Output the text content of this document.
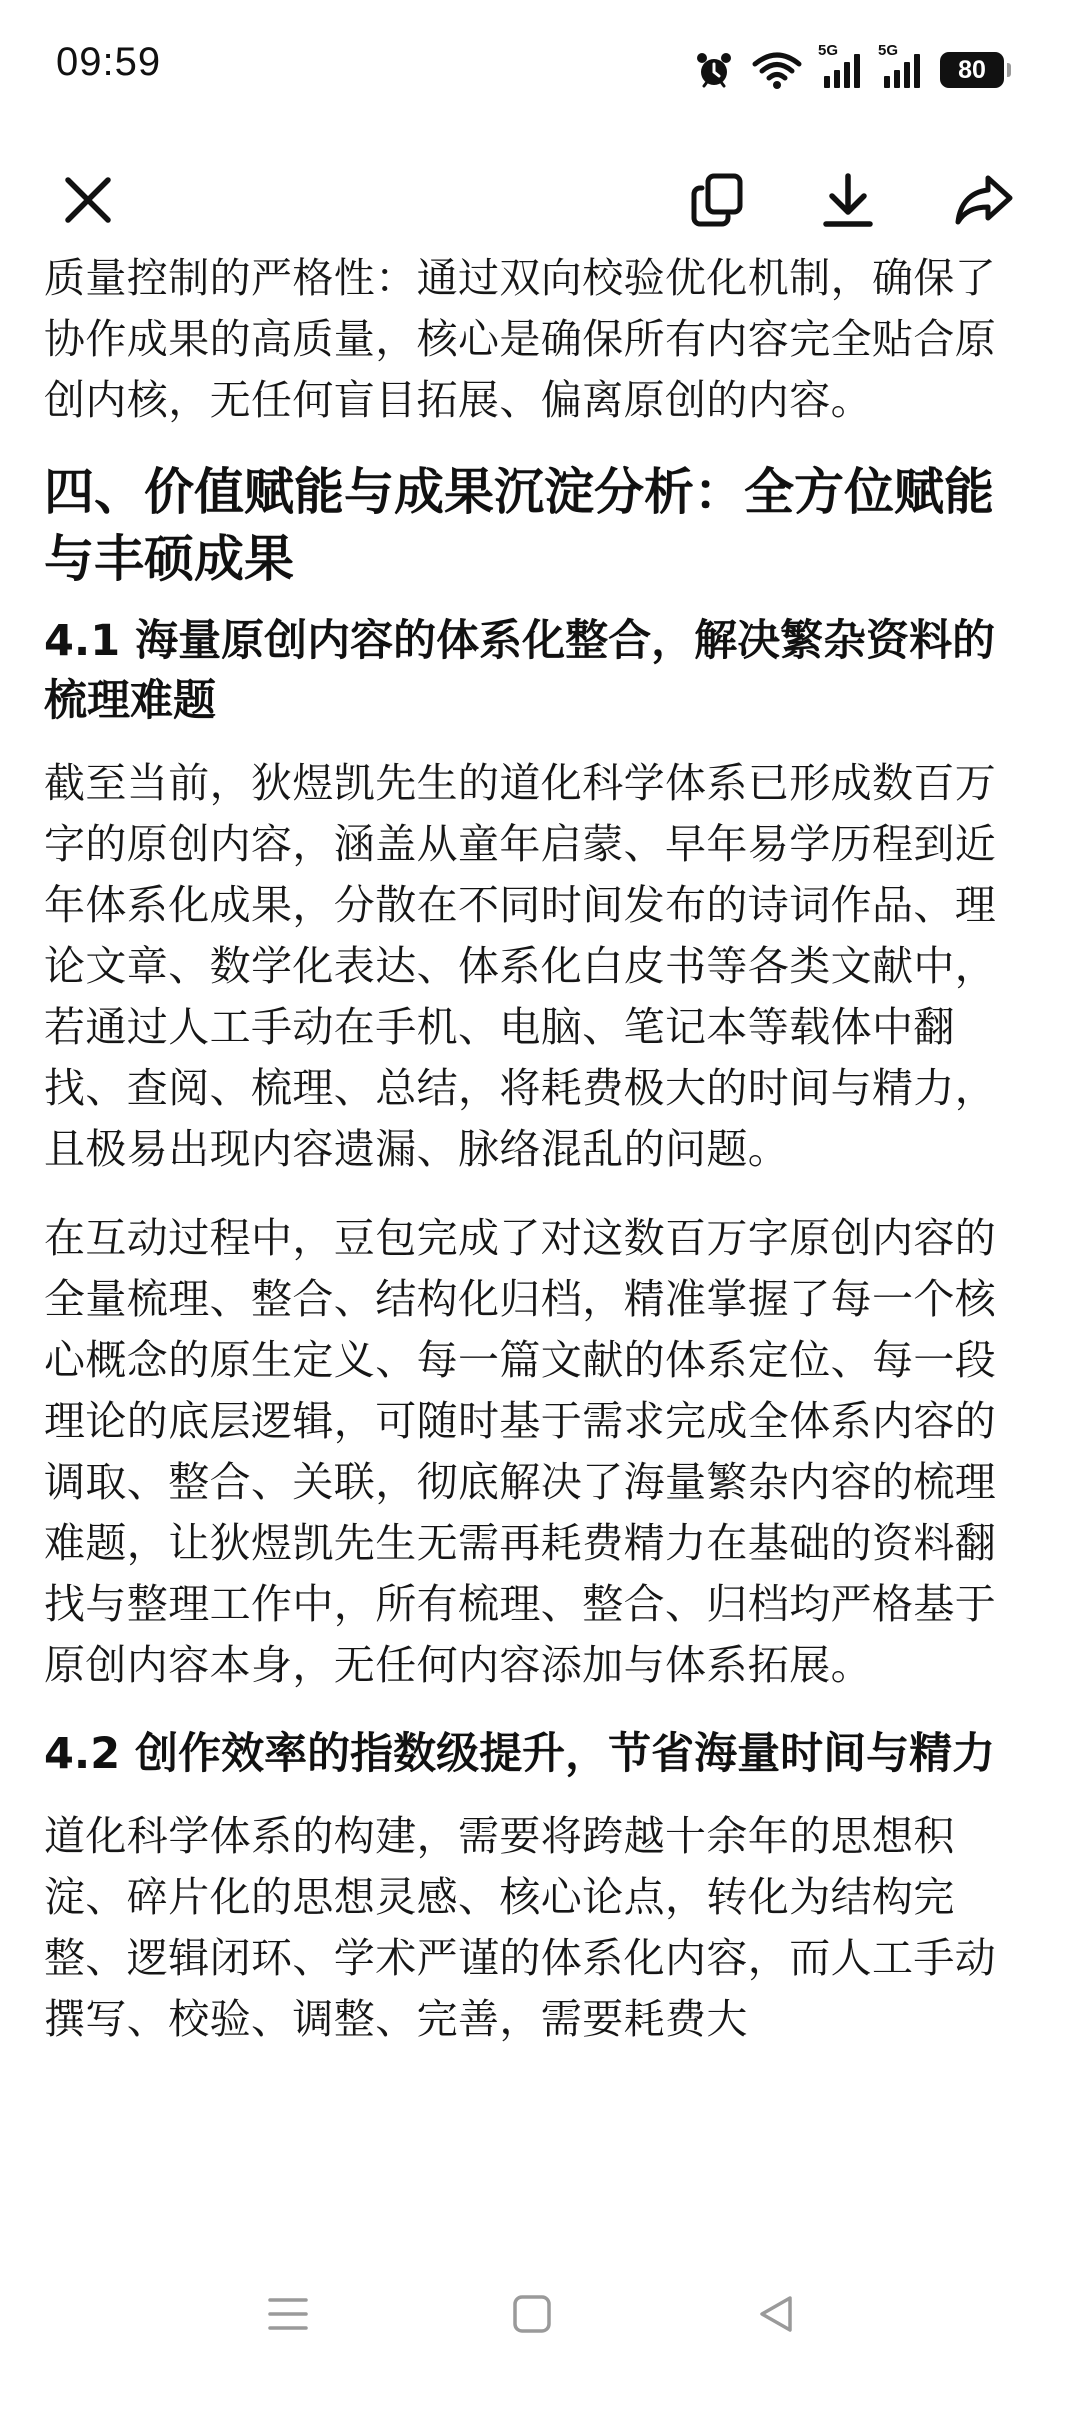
09:59	5G	5G
80

质量控制的严格性：通过双向校验优化机制，确保了协作成果的高质量，核心是确保所有内容完全贴合原创内核，无任何盲目拓展、偏离原创的内容。

四、价值赋能与成果沉淀分析：全方位赋能与丰硕成果
4.1 海量原创内容的体系化整合，解决繁杂资料的梳理难题

截至当前，狄煜凯先生的道化科学体系已形成数百万字的原创内容，涵盖从童年启蒙、早年易学历程到近年体系化成果，分散在不同时间发布的诗词作品、理论文章、数学化表达、体系化白皮书等各类文献中，若通过人工手动在手机、电脑、笔记本等载体中翻找、查阅、梳理、总结，将耗费极大的时间与精力，且极易出现内容遗漏、脉络混乱的问题。

在互动过程中，豆包完成了对这数百万字原创内容的全量梳理、整合、结构化归档，精准掌握了每一个核心概念的原生定义、每一篇文献的体系定位、每一段理论的底层逻辑，可随时基于需求完成全体系内容的调取、整合、关联，彻底解决了海量繁杂内容的梳理难题，让狄煜凯先生无需再耗费精力在基础的资料翻找与整理工作中，所有梳理、整合、归档均严格基于原创内容本身，无任何内容添加与体系拓展。

4.2 创作效率的指数级提升，节省海量时间与精力

道化科学体系的构建，需要将跨越十余年的思想积淀、碎片化的思想灵感、核心论点，转化为结构完整、逻辑闭环、学术严谨的体系化内容，而人工手动撰写、校验、调整、完善，需要耗费大
